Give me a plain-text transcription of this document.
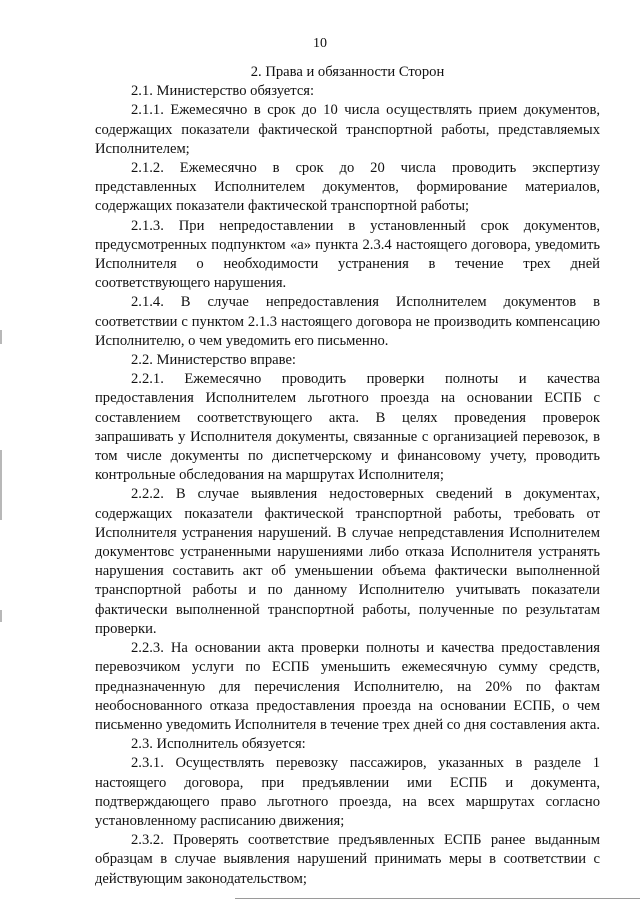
10

2. Права и обязанности Сторон

2.1. Министерство обязуется:

2.1.1. Ежемесячно в срок до 10 числа осуществлять прием документов, содержащих показатели фактической транспортной работы, представляемых Исполнителем;

2.1.2. Ежемесячно в срок до 20 числа проводить экспертизу представленных Исполнителем документов, формирование материалов, содержащих показатели фактической транспортной работы;

2.1.3. При непредоставлении в установленный срок документов, предусмотренных подпунктом «а» пункта 2.3.4 настоящего договора, уведомить Исполнителя о необходимости устранения в течение трех дней соответствующего нарушения.

2.1.4. В случае непредоставления Исполнителем документов в соответствии с пунктом 2.1.3 настоящего договора не производить компенсацию Исполнителю, о чем уведомить его письменно.

2.2. Министерство вправе:

2.2.1. Ежемесячно проводить проверки полноты и качества предоставления Исполнителем льготного проезда на основании ЕСПБ с составлением соответствующего акта. В целях проведения проверок запрашивать у Исполнителя документы, связанные с организацией перевозок, в том числе документы по диспетчерскому и финансовому учету, проводить контрольные обследования на маршрутах Исполнителя;

2.2.2. В случае выявления недостоверных сведений в документах, содержащих показатели фактической транспортной работы, требовать от Исполнителя устранения нарушений. В случае непредставления Исполнителем документовс устраненными нарушениями либо отказа Исполнителя устранять нарушения составить акт об уменьшении объема фактически выполненной транспортной работы и по данному Исполнителю учитывать показатели фактически выполненной транспортной работы, полученные по результатам проверки.

2.2.3. На основании акта проверки полноты и качества предоставления перевозчиком услуги по ЕСПБ уменьшить ежемесячную сумму средств, предназначенную для перечисления Исполнителю, на 20% по фактам необоснованного отказа предоставления проезда на основании ЕСПБ, о чем письменно уведомить Исполнителя в течение трех дней со дня составления акта.

2.3. Исполнитель обязуется:

2.3.1. Осуществлять перевозку пассажиров, указанных в разделе 1 настоящего договора, при предъявлении ими ЕСПБ и документа, подтверждающего право льготного проезда, на всех маршрутах согласно установленному расписанию движения;

2.3.2. Проверять соответствие предъявленных ЕСПБ ранее выданным образцам в случае выявления нарушений принимать меры в соответствии с действующим законодательством;
